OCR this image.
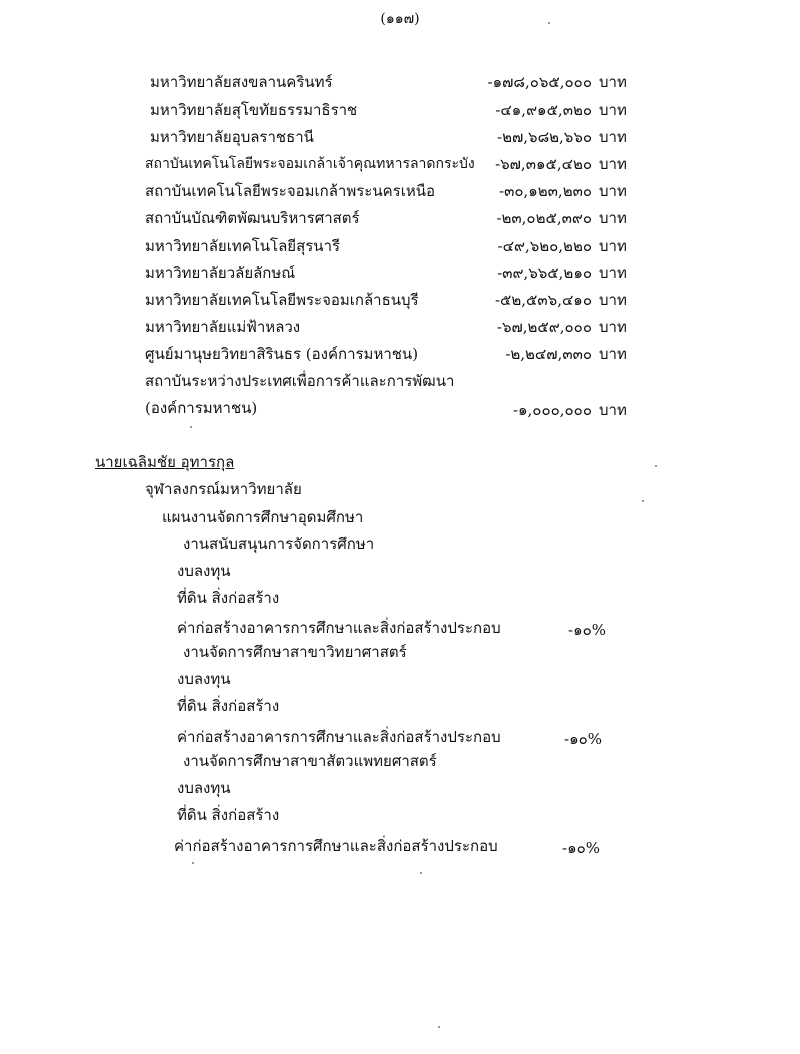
(๑๑๗)
มหาวิทยาลัยสงขลานครินทร์	-๑๗๘,๐๖๕,๐๐๐ บาท
มหาวิทยาลัยสุโขทัยธรรมาธิราช	-๔๑,๙๑๕,๓๒๐ บาท
มหาวิทยาลัยอุบลราชธานี	-๒๗,๖๘๒,๖๖๐ บาท
สถาบันเทคโนโลยีพระจอมเกล้าเจ้าคุณทหารลาดกระบัง -๖๗,๓๑๕,๔๒๐ บาท
สถาบันเทคโนโลยีพระจอมเกล้าพระนครเหนือ	-๓๐,๑๒๓,๒๓๐ บาท
สถาบันบัณฑิตพัฒนบริหารศาสตร์	-๒๓,๐๒๕,๓๙๐ บาท
มหาวิทยาลัยเทคโนโลยีสุรนารี	-๔๙,๖๒๐,๒๒๐ บาท
มหาวิทยาลัยวลัยลักษณ์	-๓๙,๖๖๕,๒๑๐ บาท
มหาวิทยาลัยเทคโนโลยีพระจอมเกล้าธนบุรี	-๕๒,๕๓๖,๔๑๐ บาท
มหาวิทยาลัยแม่ฟ้าหลวง	-๖๗,๒๕๙,๐๐๐ บาท
ศูนย์มานุษยวิทยาสิรินธร (องค์การมหาชน)	-๒,๒๔๗,๓๓๐ บาท
สถาบันระหว่างประเทศเพื่อการค้าและการพัฒนา
(องค์การมหาชน)	-๑,๐๐๐,๐๐๐ บาท
นายเฉลิมชัย อุทารกุล
จุฬาลงกรณ์มหาวิทยาลัย
แผนงานจัดการศึกษาอุดมศึกษา
งานสนับสนุนการจัดการศึกษา
งบลงทุน
ที่ดิน สิ่งก่อสร้าง
ค่าก่อสร้างอาคารการศึกษาและสิ่งก่อสร้างประกอบ	-๑๐%
งานจัดการศึกษาสาขาวิทยาศาสตร์
งบลงทุน
ที่ดิน สิ่งก่อสร้าง
ค่าก่อสร้างอาคารการศึกษาและสิ่งก่อสร้างประกอบ	-๑๐%
งานจัดการศึกษาสาขาสัตวแพทยศาสตร์
งบลงทุน
ที่ดิน สิ่งก่อสร้าง
ค่าก่อสร้างอาคารการศึกษาและสิ่งก่อสร้างประกอบ	-๑๐%
